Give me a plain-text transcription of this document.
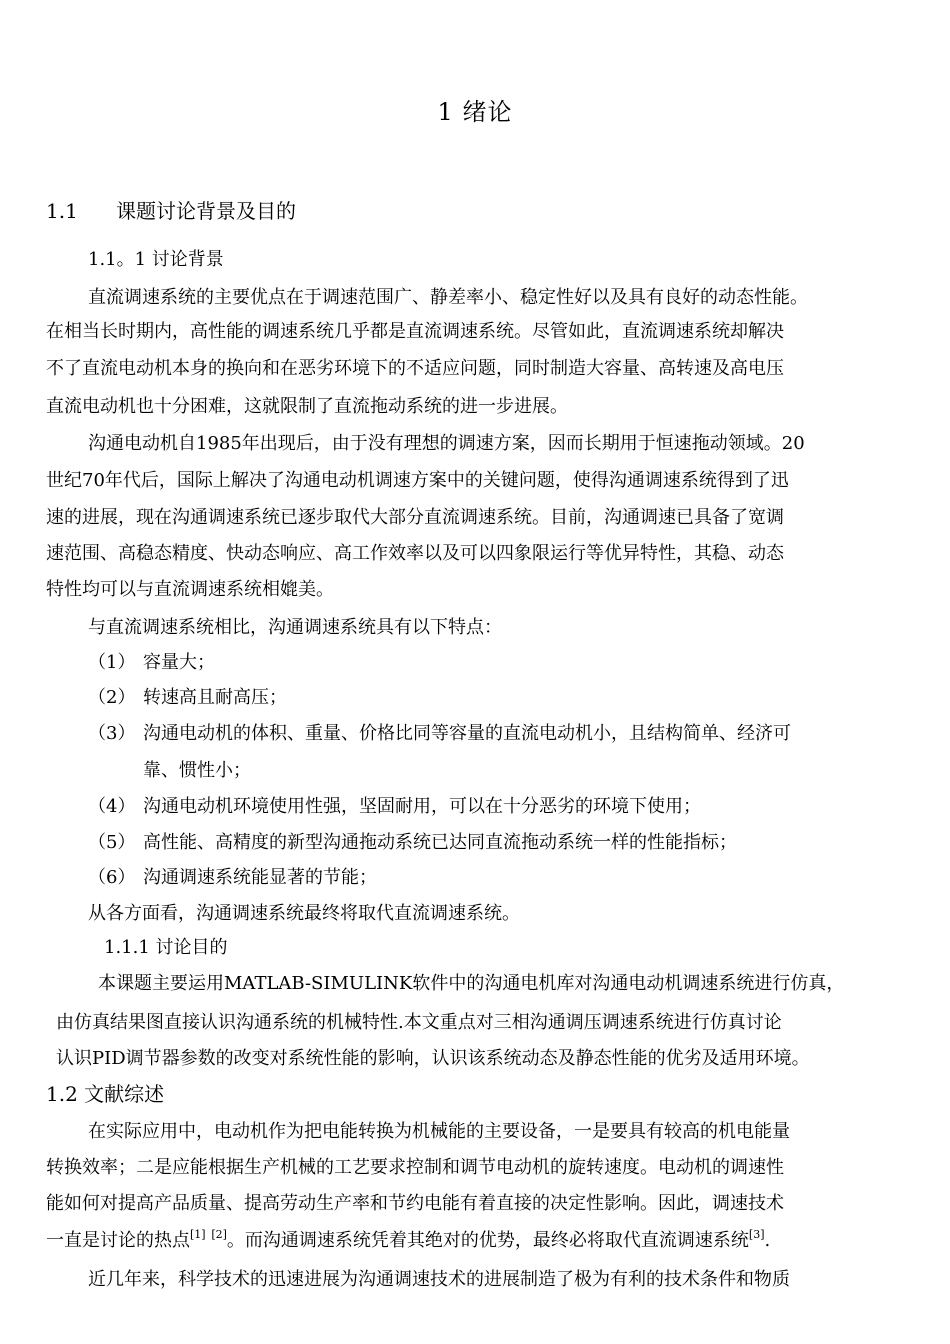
1 绪论
1.1 课题讨论背景及目的
1.1。1 讨论背景
直流调速系统的主要优点在于调速范围广、静差率小、稳定性好以及具有良好的动态性能。
在相当长时期内，高性能的调速系统几乎都是直流调速系统。尽管如此，直流调速系统却解决
不了直流电动机本身的换向和在恶劣环境下的不适应问题，同时制造大容量、高转速及高电压
直流电动机也十分困难，这就限制了直流拖动系统的进一步进展。
沟通电动机自1985年出现后，由于没有理想的调速方案，因而长期用于恒速拖动领域。20
世纪70年代后，国际上解决了沟通电动机调速方案中的关键问题，使得沟通调速系统得到了迅
速的进展，现在沟通调速系统已逐步取代大部分直流调速系统。目前，沟通调速已具备了宽调
速范围、高稳态精度、快动态响应、高工作效率以及可以四象限运行等优异特性，其稳、动态
特性均可以与直流调速系统相媲美。
与直流调速系统相比，沟通调速系统具有以下特点：
（1） 容量大；
（2） 转速高且耐高压；
（3） 沟通电动机的体积、重量、价格比同等容量的直流电动机小，且结构简单、经济可
靠、惯性小；
（4） 沟通电动机环境使用性强，坚固耐用，可以在十分恶劣的环境下使用；
（5） 高性能、高精度的新型沟通拖动系统已达同直流拖动系统一样的性能指标；
（6） 沟通调速系统能显著的节能；
从各方面看，沟通调速系统最终将取代直流调速系统。
1.1.1 讨论目的
本课题主要运用MATLAB-SIMULINK软件中的沟通电机库对沟通电动机调速系统进行仿真，
由仿真结果图直接认识沟通系统的机械特性.本文重点对三相沟通调压调速系统进行仿真讨论
认识PID调节器参数的改变对系统性能的影响，认识该系统动态及静态性能的优劣及适用环境。
1.2 文献综述
在实际应用中，电动机作为把电能转换为机械能的主要设备，一是要具有较高的机电能量
转换效率；二是应能根据生产机械的工艺要求控制和调节电动机的旋转速度。电动机的调速性
能如何对提高产品质量、提高劳动生产率和节约电能有着直接的决定性影响。因此，调速技术
一直是讨论的热点[1] [2]。而沟通调速系统凭着其绝对的优势，最终必将取代直流调速系统[3].
近几年来，科学技术的迅速进展为沟通调速技术的进展制造了极为有利的技术条件和物质
